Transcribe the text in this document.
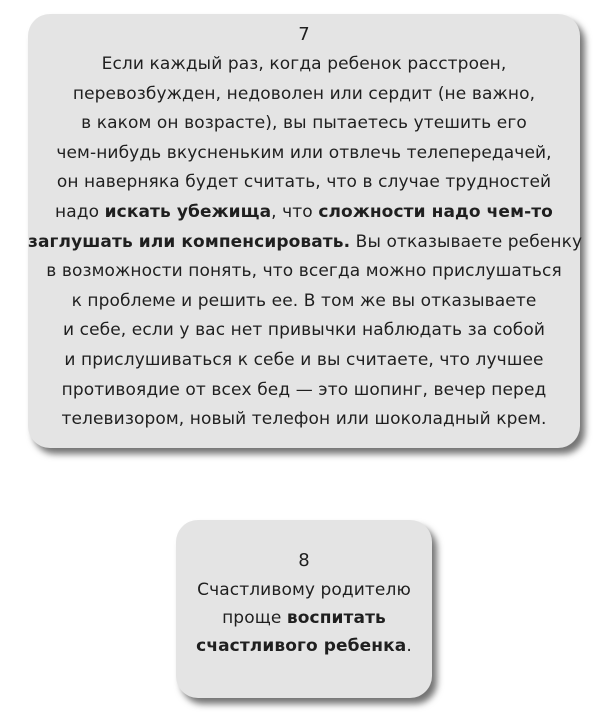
7
Если каждый раз, когда ребенок расстроен,
перевозбужден, недоволен или сердит (не важно,
в каком он возрасте), вы пытаетесь утешить его
чем-нибудь вкусненьким или отвлечь телепередачей,
он наверняка будет считать, что в случае трудностей
надо искать убежища, что сложности надо чем-то
заглушать или компенсировать. Вы отказываете ребенку
в возможности понять, что всегда можно прислушаться
к проблеме и решить ее. В том же вы отказываете
и себе, если у вас нет привычки наблюдать за собой
и прислушиваться к себе и вы считаете, что лучшее
противоядие от всех бед — это шопинг, вечер перед
телевизором, новый телефон или шоколадный крем.
8
Счастливому родителю
проще воспитать
счастливого ребенка.
